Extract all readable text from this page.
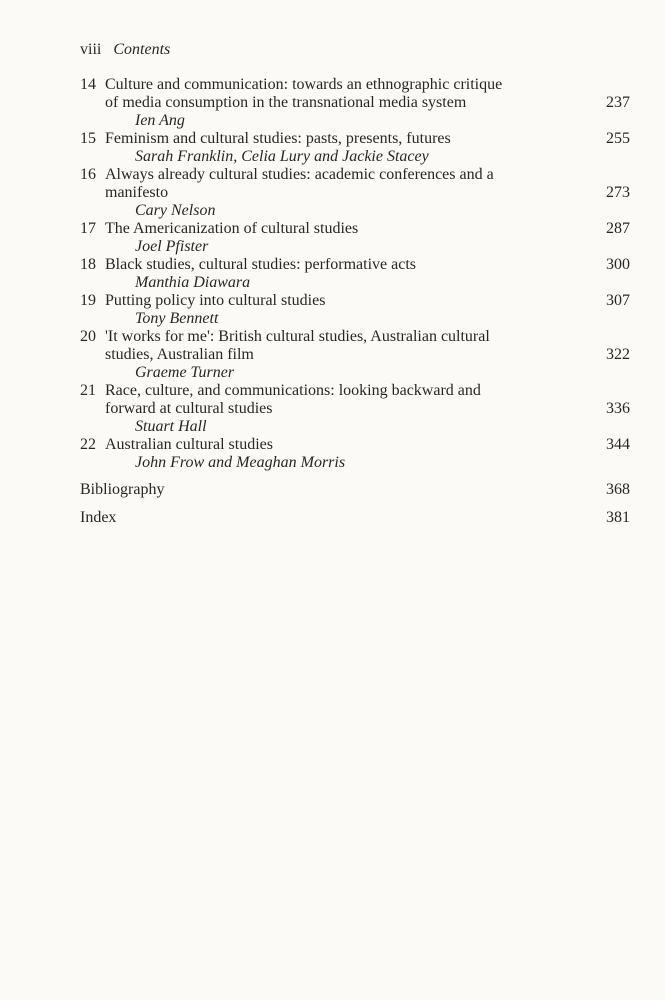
viii Contents
14 Culture and communication: towards an ethnographic critique
of media consumption in the transnational media system	237
Ien Ang
15 Feminism and cultural studies: pasts, presents, futures	255
Sarah Franklin, Celia Lury and Jackie Stacey
16 Always already cultural studies: academic conferences and a
manifesto	273
Cary Nelson
17 The Americanization of cultural studies	287
Joel Pfister
18 Black studies, cultural studies: performative acts	300
Manthia Diawara
19 Putting policy into cultural studies	307
Tony Bennett
20 'It works for me': British cultural studies, Australian cultural
studies, Australian film	322
Graeme Turner
21 Race, culture, and communications: looking backward and
forward at cultural studies	336
Stuart Hall
22 Australian cultural studies	344
John Frow and Meaghan Morris
Bibliography	368
Index	381
